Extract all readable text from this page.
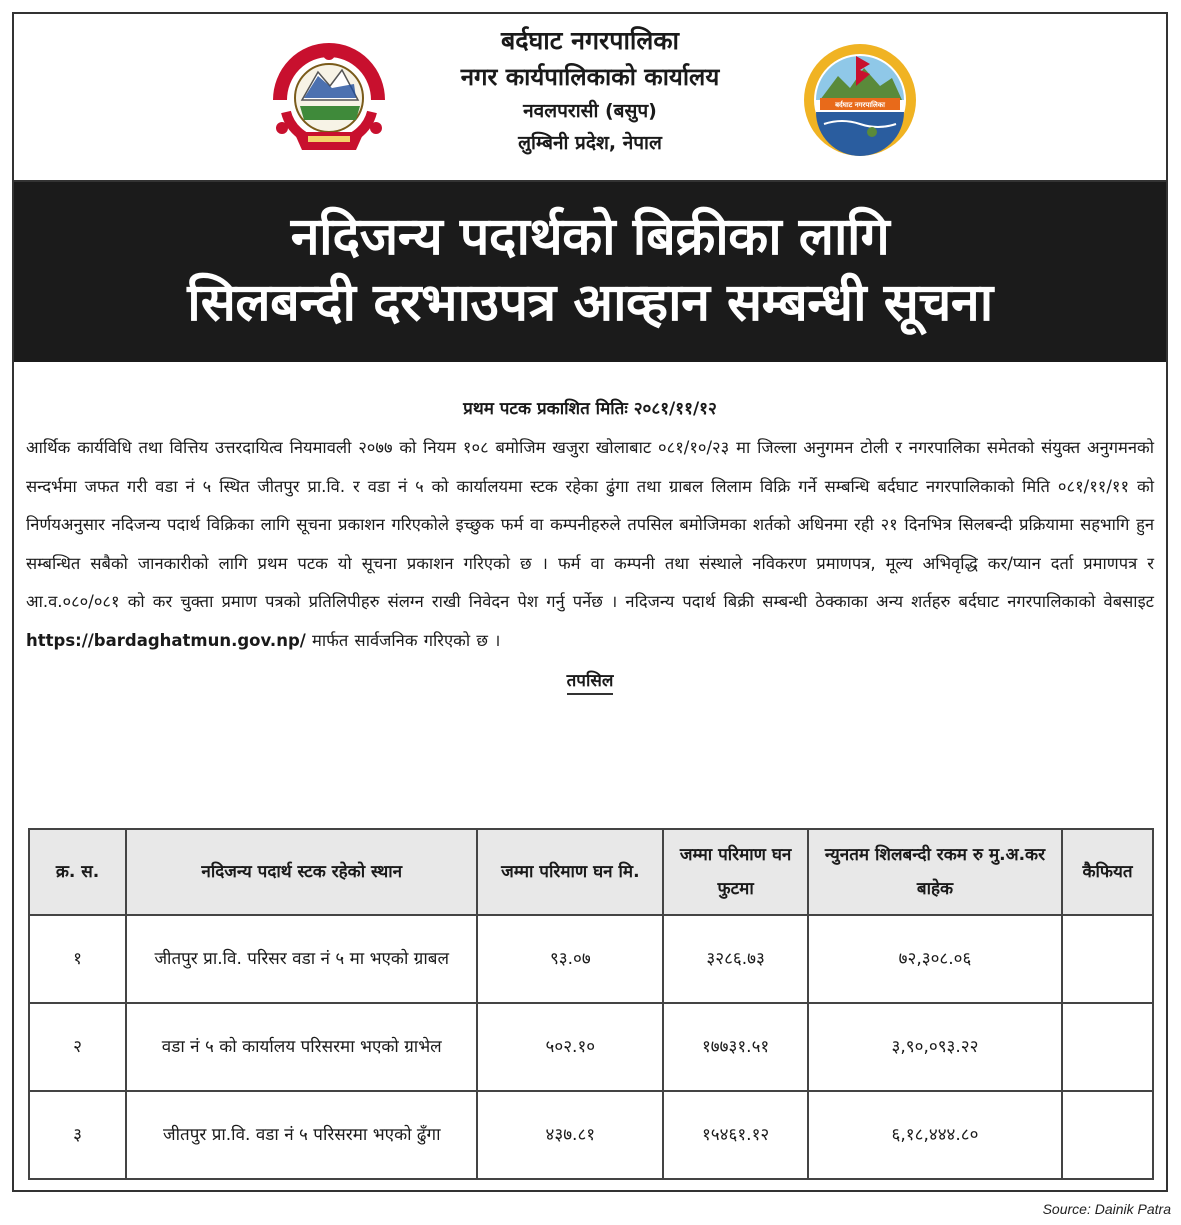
बर्दघाट नगरपालिका
नगर कार्यपालिकाको कार्यालय
नवलपरासी (बसुप)
लुम्बिनी प्रदेश, नेपाल
बर्दघाट नगरपालिका
नदिजन्य पदार्थको बिक्रीका लागि
सिलबन्दी दरभाउपत्र आव्हान सम्बन्धी सूचना
प्रथम पटक प्रकाशित मितिः २०८१/११/१२
आर्थिक कार्यविधि तथा वित्तिय उत्तरदायित्व नियमावली २०७७ को नियम १०८ बमोजिम खजुरा खोलाबाट ०८१/१०/२३ मा जिल्ला अनुगमन टोली र नगरपालिका समेतको संयुक्त अनुगमनको सन्दर्भमा जफत गरी वडा नं ५ स्थित जीतपुर प्रा.वि. र वडा नं ५ को कार्यालयमा स्टक रहेका ढुंगा तथा ग्राबल लिलाम विक्रि गर्ने सम्बन्धि बर्दघाट नगरपालिकाको मिति ०८१/११/११ को निर्णयअनुसार नदिजन्य पदार्थ विक्रिका लागि सूचना प्रकाशन गरिएकोले इच्छुक फर्म वा कम्पनीहरुले तपसिल बमोजिमका शर्तको अधिनमा रही २१ दिनभित्र सिलबन्दी प्रक्रियामा सहभागि हुन सम्बन्धित सबैको जानकारीको लागि प्रथम पटक यो सूचना प्रकाशन गरिएको छ । फर्म वा कम्पनी तथा संस्थाले नविकरण प्रमाणपत्र, मूल्य अभिवृद्धि कर/प्यान दर्ता प्रमाणपत्र र आ.व.०८०/०८१ को कर चुक्ता प्रमाण पत्रको प्रतिलिपीहरु संलग्न राखी निवेदन पेश गर्नु पर्नेछ । नदिजन्य पदार्थ बिक्री सम्बन्धी ठेक्काका अन्य शर्तहरु बर्दघाट नगरपालिकाको वेबसाइट https://bardaghatmun.gov.np/ मार्फत सार्वजनिक गरिएको छ ।
तपसिल
क्र. स.	नदिजन्य पदार्थ स्टक रहेको स्थान	जम्मा परिमाण घन मि.	जम्मा परिमाण घन फुटमा	न्युनतम शिलबन्दी रकम रु मु.अ.कर बाहेक	कैफियत
१	जीतपुर प्रा.वि. परिसर वडा नं ५ मा भएको ग्राबल	९३.०७	३२८६.७३	७२,३०८.०६	
२	वडा नं ५ को कार्यालय परिसरमा भएको ग्राभेल	५०२.१०	१७७३१.५१	३,९०,०९३.२२	
३	जीतपुर प्रा.वि. वडा नं ५ परिसरमा भएको ढुँगा	४३७.८१	१५४६१.१२	६,१८,४४४.८०	
Source: Dainik Patra
